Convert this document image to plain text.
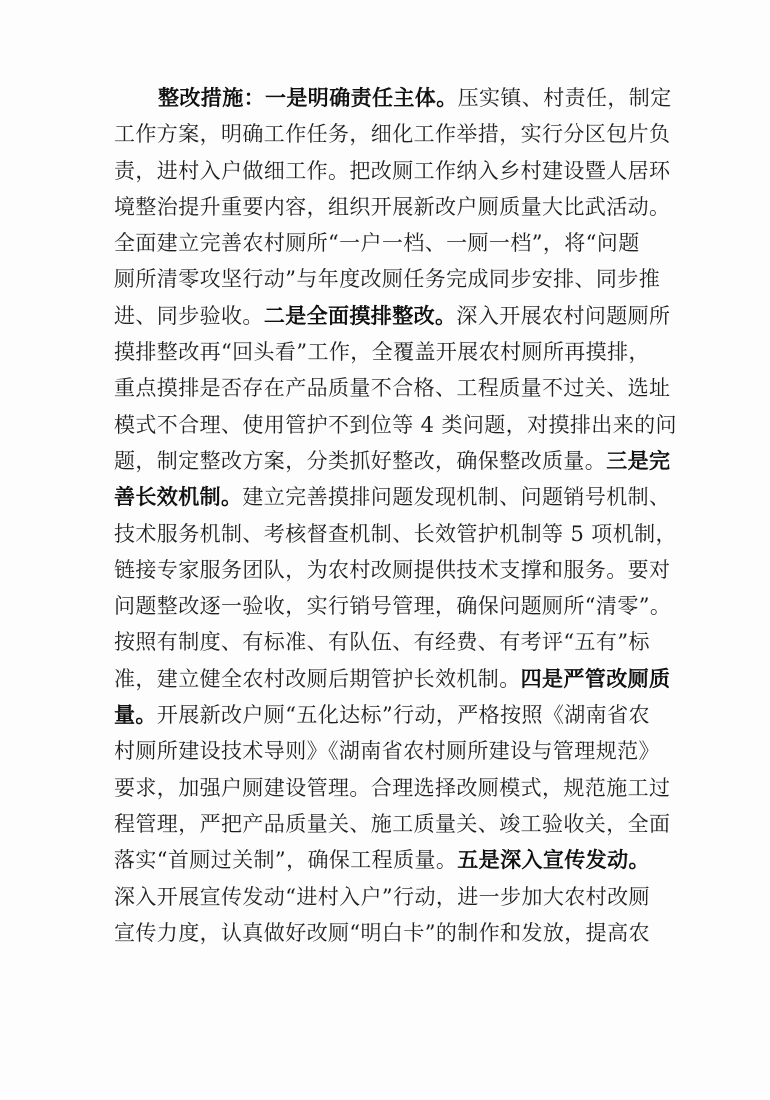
整改措施：一是明确责任主体。压实镇、村责任，制定
工作方案，明确工作任务，细化工作举措，实行分区包片负
责，进村入户做细工作。把改厕工作纳入乡村建设暨人居环
境整治提升重要内容，组织开展新改户厕质量大比武活动。
全面建立完善农村厕所“一户一档、一厕一档”，将“问题
厕所清零攻坚行动”与年度改厕任务完成同步安排、同步推
进、同步验收。二是全面摸排整改。深入开展农村问题厕所
摸排整改再“回头看”工作，全覆盖开展农村厕所再摸排，
重点摸排是否存在产品质量不合格、工程质量不过关、选址
模式不合理、使用管护不到位等 4 类问题，对摸排出来的问
题，制定整改方案，分类抓好整改，确保整改质量。三是完
善长效机制。建立完善摸排问题发现机制、问题销号机制、
技术服务机制、考核督查机制、长效管护机制等 5 项机制，
链接专家服务团队，为农村改厕提供技术支撑和服务。要对
问题整改逐一验收，实行销号管理，确保问题厕所“清零”。
按照有制度、有标准、有队伍、有经费、有考评“五有”标
准，建立健全农村改厕后期管护长效机制。四是严管改厕质
量。开展新改户厕“五化达标”行动，严格按照《湖南省农
村厕所建设技术导则》《湖南省农村厕所建设与管理规范》
要求，加强户厕建设管理。合理选择改厕模式，规范施工过
程管理，严把产品质量关、施工质量关、竣工验收关，全面
落实“首厕过关制”，确保工程质量。五是深入宣传发动。
深入开展宣传发动“进村入户”行动，进一步加大农村改厕
宣传力度，认真做好改厕“明白卡”的制作和发放，提高农
